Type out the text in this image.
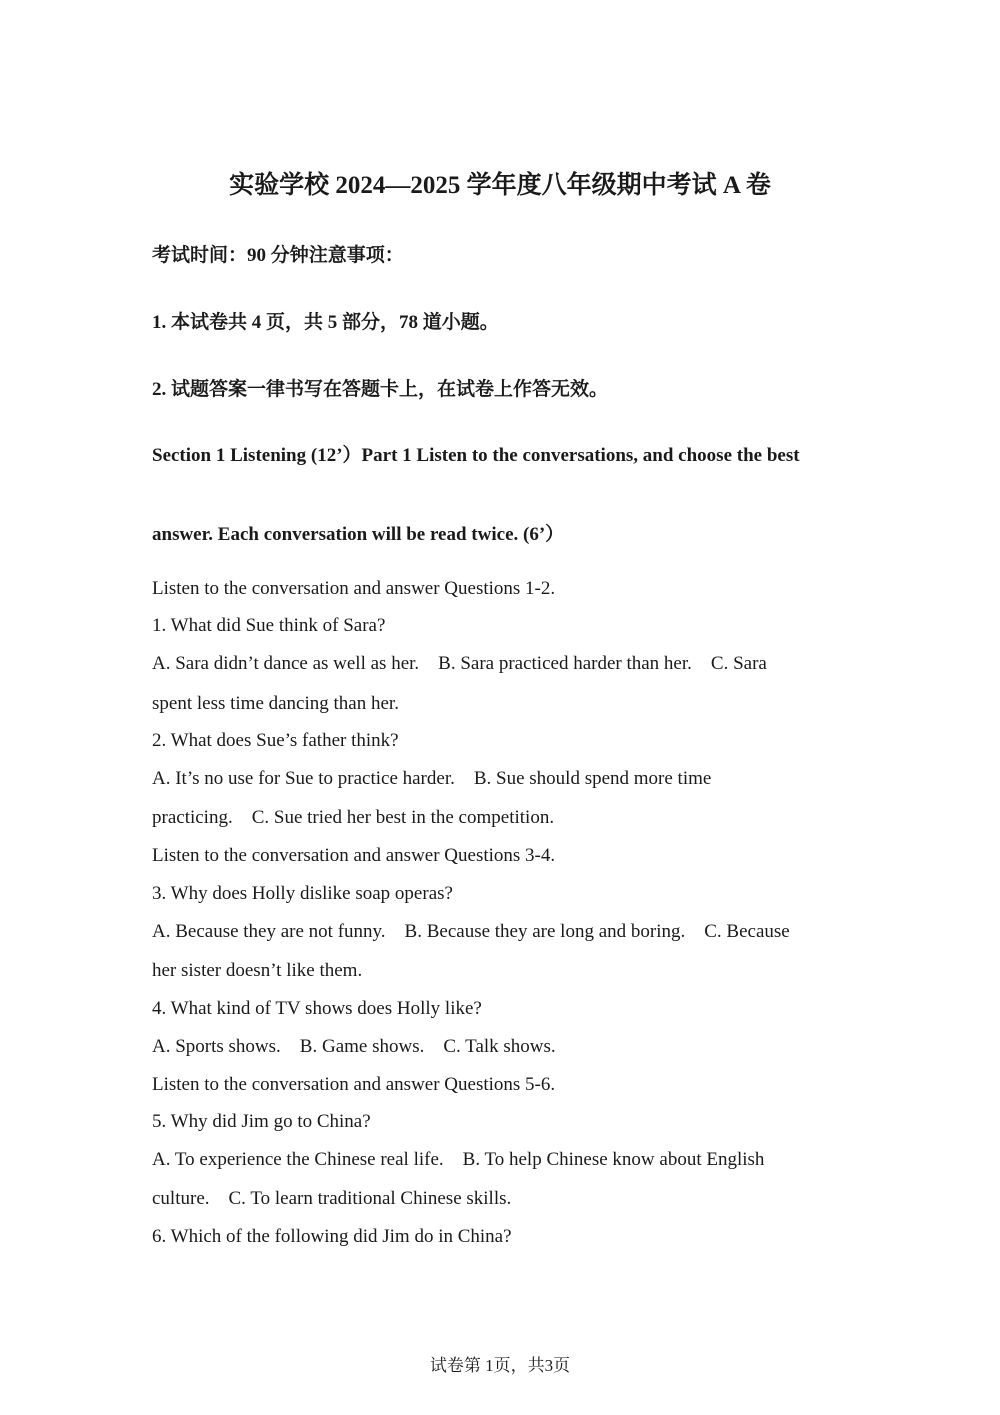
实验学校 2024—2025 学年度八年级期中考试 A 卷
考试时间：90 分钟注意事项：
1. 本试卷共 4 页，共 5 部分，78 道小题。
2. 试题答案一律书写在答题卡上，在试卷上作答无效。
Section 1 Listening (12’）Part 1 Listen to the conversations, and choose the best
answer. Each conversation will be read twice. (6’）
Listen to the conversation and answer Questions 1-2.
1. What did Sue think of Sara?
A. Sara didn’t dance as well as her.    B. Sara practiced harder than her.    C. Sara
spent less time dancing than her.
2. What does Sue’s father think?
A. It’s no use for Sue to practice harder.    B. Sue should spend more time
practicing.    C. Sue tried her best in the competition.
Listen to the conversation and answer Questions 3-4.
3. Why does Holly dislike soap operas?
A. Because they are not funny.    B. Because they are long and boring.    C. Because
her sister doesn’t like them.
4. What kind of TV shows does Holly like?
A. Sports shows.    B. Game shows.    C. Talk shows.
Listen to the conversation and answer Questions 5-6.
5. Why did Jim go to China?
A. To experience the Chinese real life.    B. To help Chinese know about English
culture.    C. To learn traditional Chinese skills.
6. Which of the following did Jim do in China?
试卷第 1页，共3页
